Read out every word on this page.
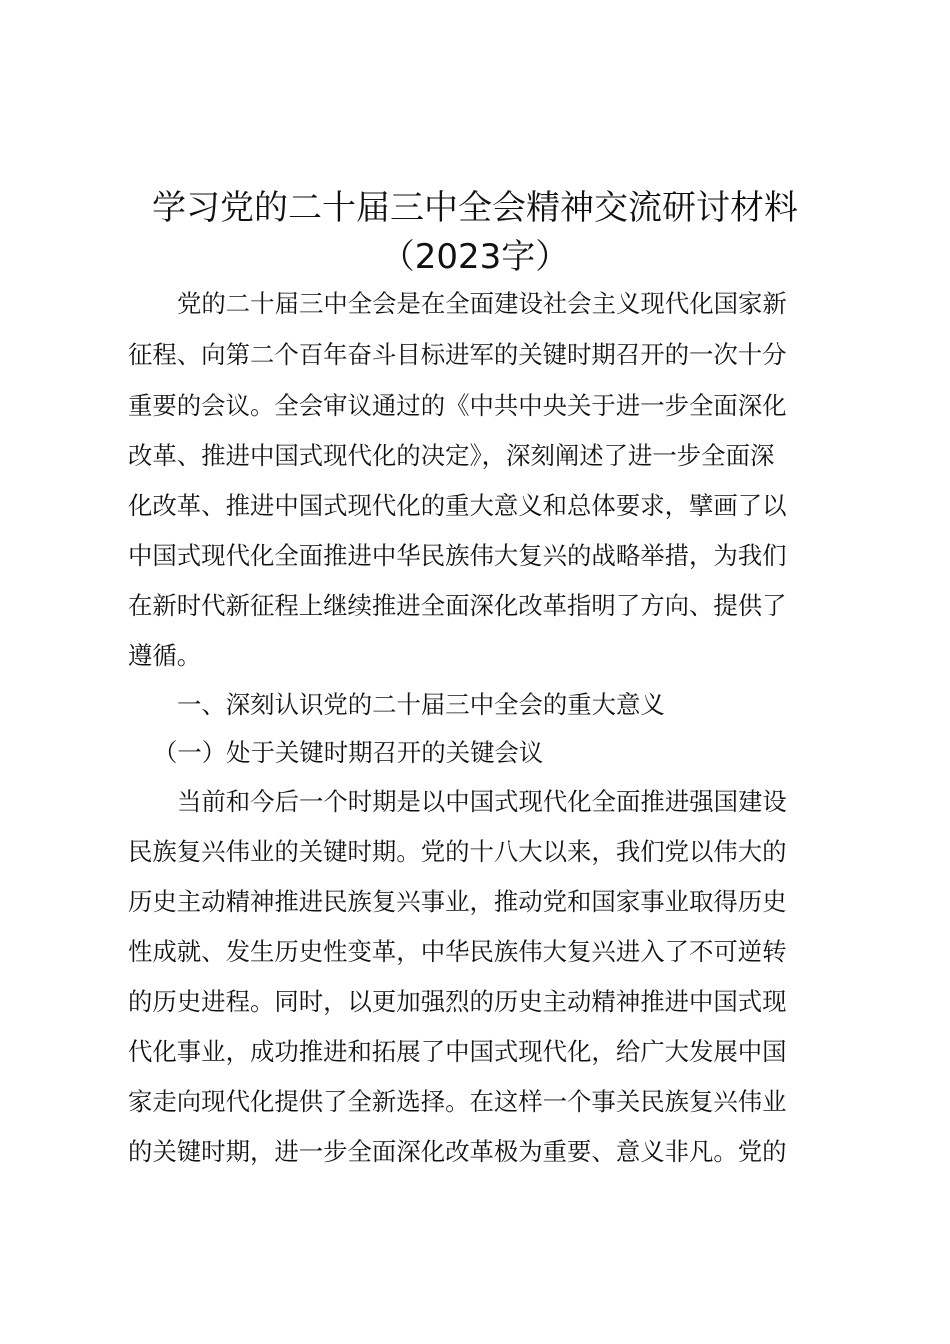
学习党的二十届三中全会精神交流研讨材料
（2023字）
党的二十届三中全会是在全面建设社会主义现代化国家新
征程、向第二个百年奋斗目标进军的关键时期召开的一次十分
重要的会议。全会审议通过的《中共中央关于进一步全面深化
改革、推进中国式现代化的决定》，深刻阐述了进一步全面深
化改革、推进中国式现代化的重大意义和总体要求，擘画了以
中国式现代化全面推进中华民族伟大复兴的战略举措，为我们
在新时代新征程上继续推进全面深化改革指明了方向、提供了
遵循。
一、深刻认识党的二十届三中全会的重大意义
（一）处于关键时期召开的关键会议
当前和今后一个时期是以中国式现代化全面推进强国建设
民族复兴伟业的关键时期。党的十八大以来，我们党以伟大的
历史主动精神推进民族复兴事业，推动党和国家事业取得历史
性成就、发生历史性变革，中华民族伟大复兴进入了不可逆转
的历史进程。同时，以更加强烈的历史主动精神推进中国式现
代化事业，成功推进和拓展了中国式现代化，给广大发展中国
家走向现代化提供了全新选择。在这样一个事关民族复兴伟业
的关键时期，进一步全面深化改革极为重要、意义非凡。党的
